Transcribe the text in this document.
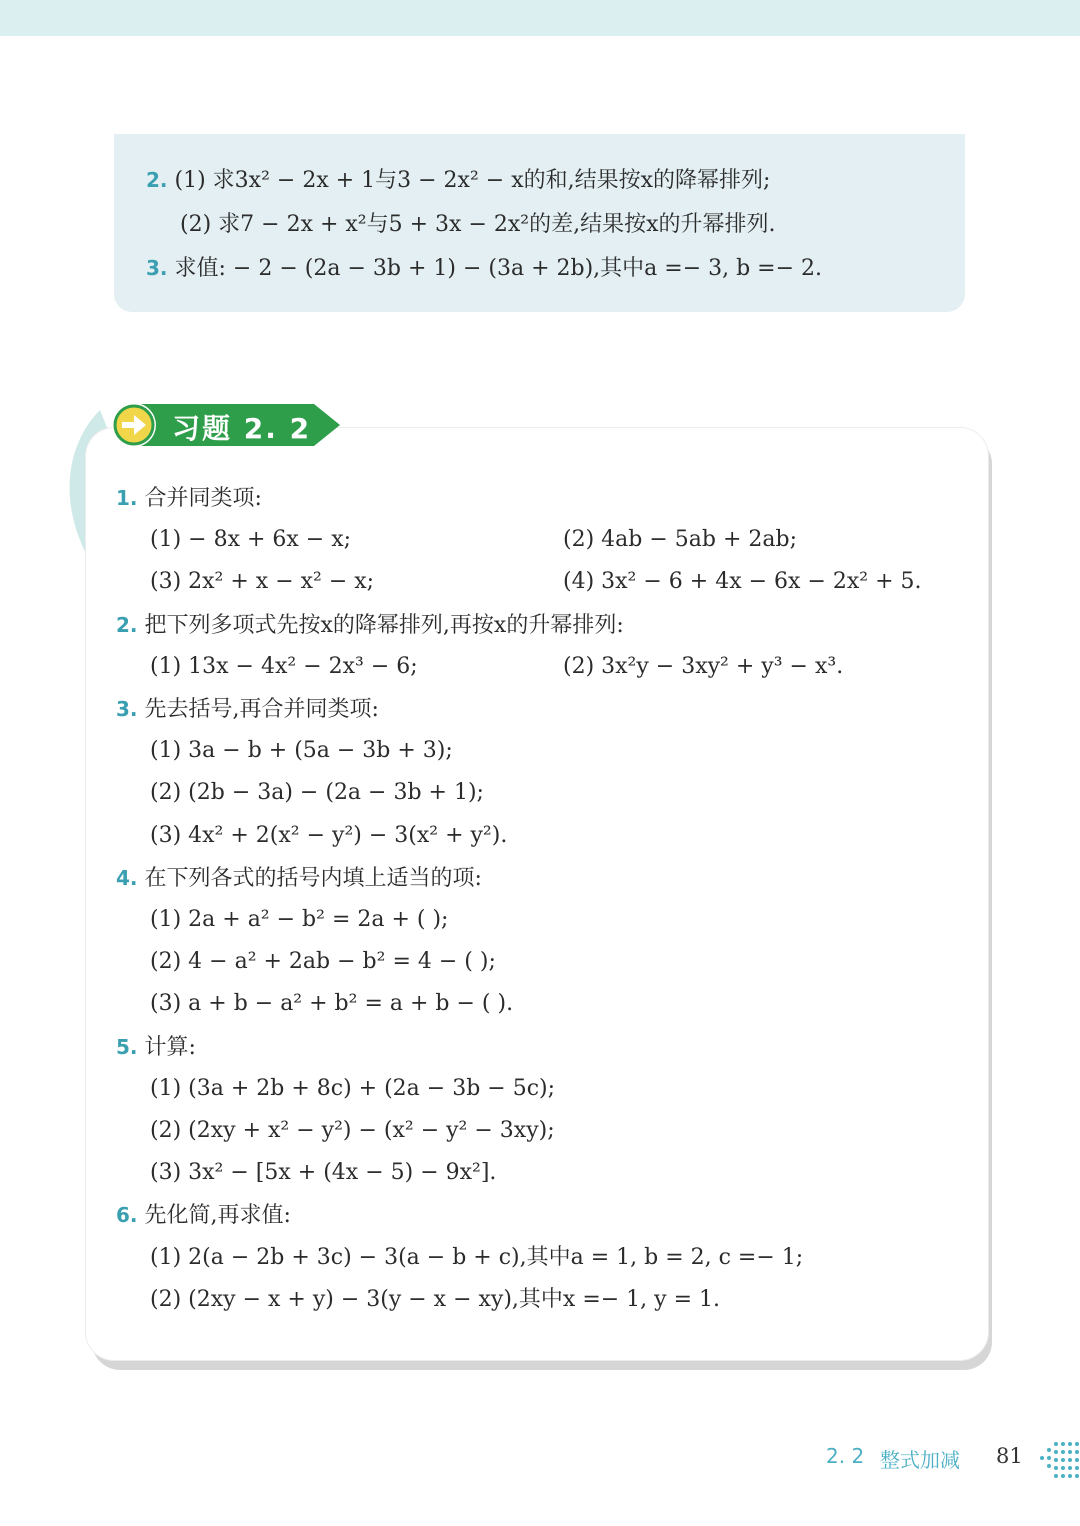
2. (1) 求3x² − 2x + 1与3 − 2x² − x的和,结果按x的降幂排列;
(2) 求7 − 2x + x²与5 + 3x − 2x²的差,结果按x的升幂排列.
3. 求值: − 2 − (2a − 3b + 1) − (3a + 2b),其中a =− 3, b =− 2.
习题 2. 2
1. 合并同类项:
(1) − 8x + 6x − x;	(2) 4ab − 5ab + 2ab;
(3) 2x² + x − x² − x;	(4) 3x² − 6 + 4x − 6x − 2x² + 5.
2. 把下列多项式先按x的降幂排列,再按x的升幂排列:
(1) 13x − 4x² − 2x³ − 6;	(2) 3x²y − 3xy² + y³ − x³.
3. 先去括号,再合并同类项:
(1) 3a − b + (5a − 3b + 3);
(2) (2b − 3a) − (2a − 3b + 1);
(3) 4x² + 2(x² − y²) − 3(x² + y²).
4. 在下列各式的括号内填上适当的项:
(1) 2a + a² − b² = 2a + ( );
(2) 4 − a² + 2ab − b² = 4 − ( );
(3) a + b − a² + b² = a + b − ( ).
5. 计算:
(1) (3a + 2b + 8c) + (2a − 3b − 5c);
(2) (2xy + x² − y²) − (x² − y² − 3xy);
(3) 3x² − [5x + (4x − 5) − 9x²].
6. 先化简,再求值:
(1) 2(a − 2b + 3c) − 3(a − b + c),其中a = 1, b = 2, c =− 1;
(2) (2xy − x + y) − 3(y − x − xy),其中x =− 1, y = 1.
2. 2 整式加减 81
